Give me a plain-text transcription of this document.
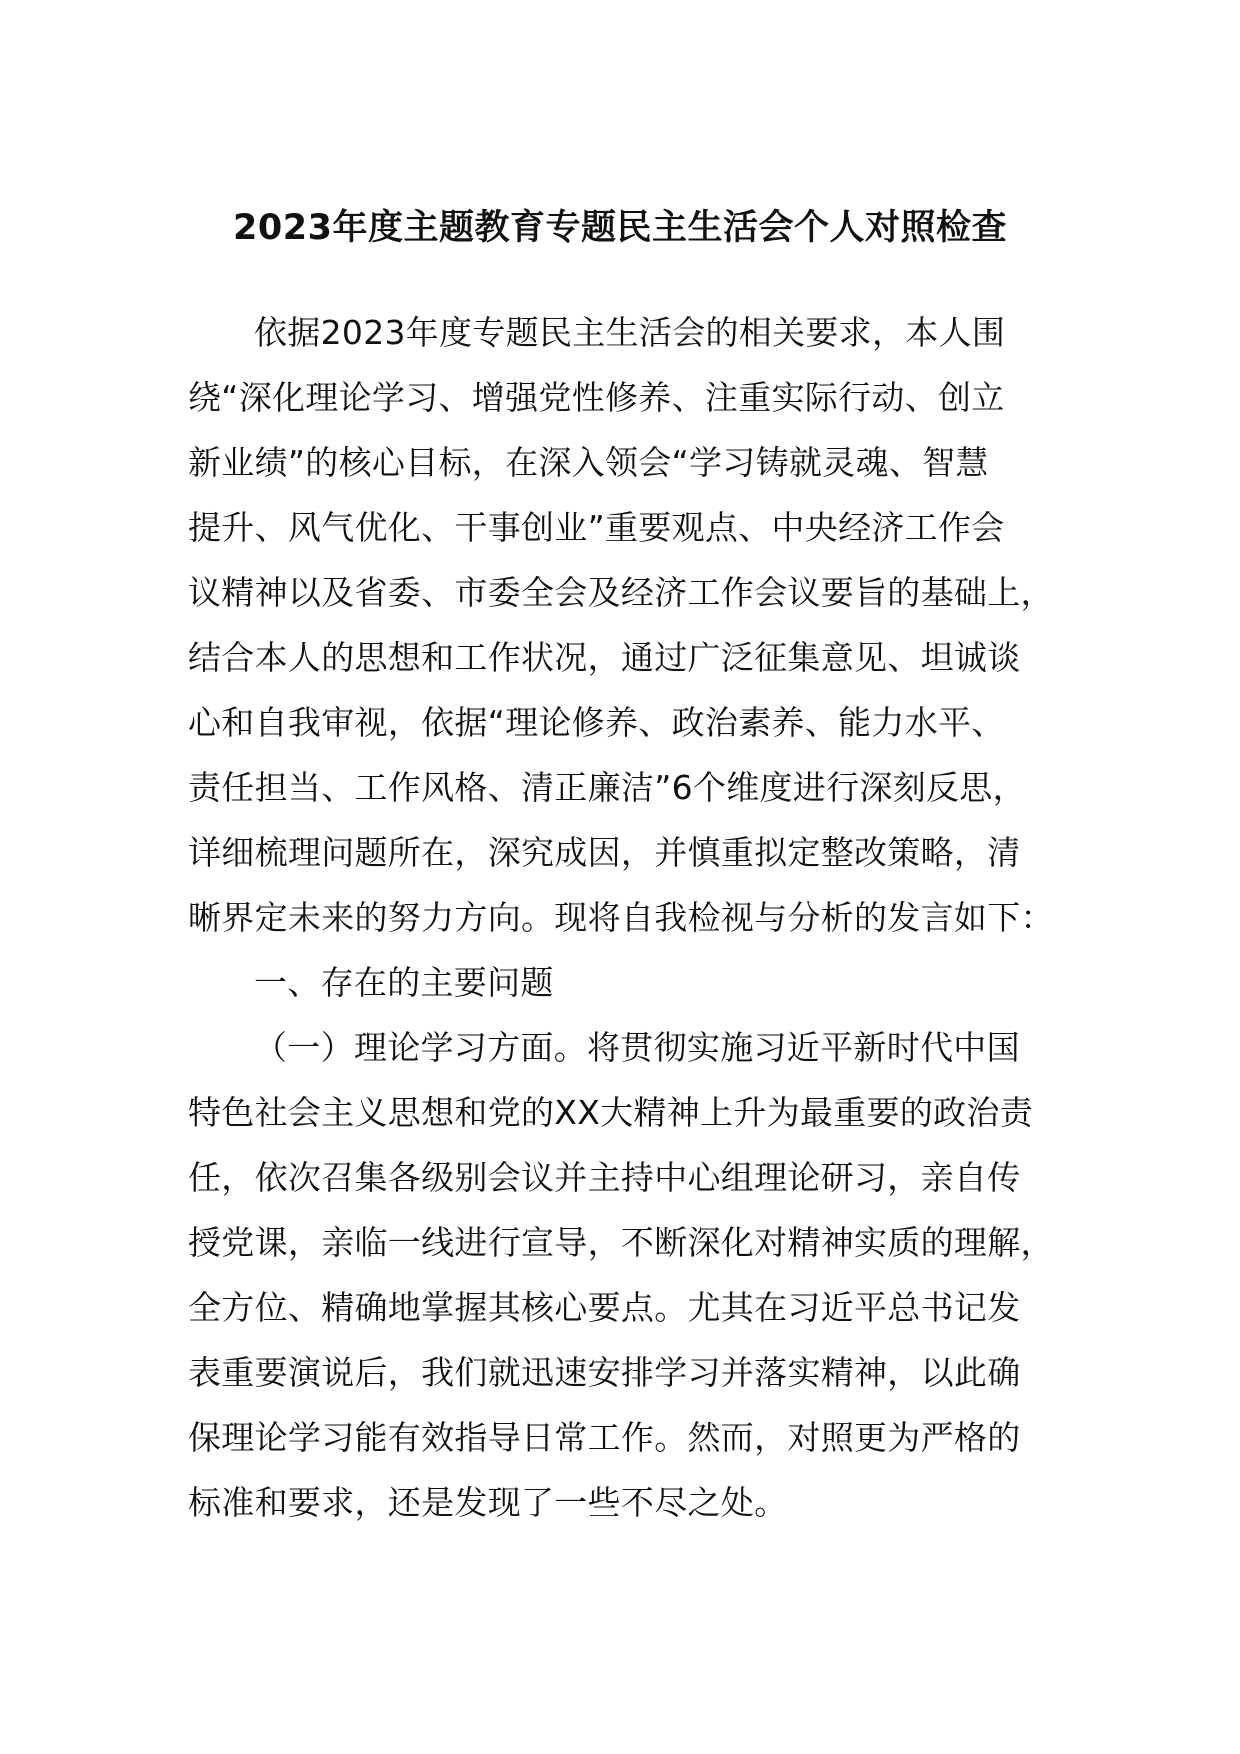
2023年度主题教育专题民主生活会个人对照检查
依据2023年度专题民主生活会的相关要求，本人围
绕“深化理论学习、增强党性修养、注重实际行动、创立
新业绩”的核心目标，在深入领会“学习铸就灵魂、智慧
提升、风气优化、干事创业”重要观点、中央经济工作会
议精神以及省委、市委全会及经济工作会议要旨的基础上，
结合本人的思想和工作状况，通过广泛征集意见、坦诚谈
心和自我审视，依据“理论修养、政治素养、能力水平、
责任担当、工作风格、清正廉洁”6个维度进行深刻反思，
详细梳理问题所在，深究成因，并慎重拟定整改策略，清
晰界定未来的努力方向。现将自我检视与分析的发言如下：
一、存在的主要问题
（一）理论学习方面。将贯彻实施习近平新时代中国
特色社会主义思想和党的XX大精神上升为最重要的政治责
任，依次召集各级别会议并主持中心组理论研习，亲自传
授党课，亲临一线进行宣导，不断深化对精神实质的理解，
全方位、精确地掌握其核心要点。尤其在习近平总书记发
表重要演说后，我们就迅速安排学习并落实精神，以此确
保理论学习能有效指导日常工作。然而，对照更为严格的
标准和要求，还是发现了一些不尽之处。
